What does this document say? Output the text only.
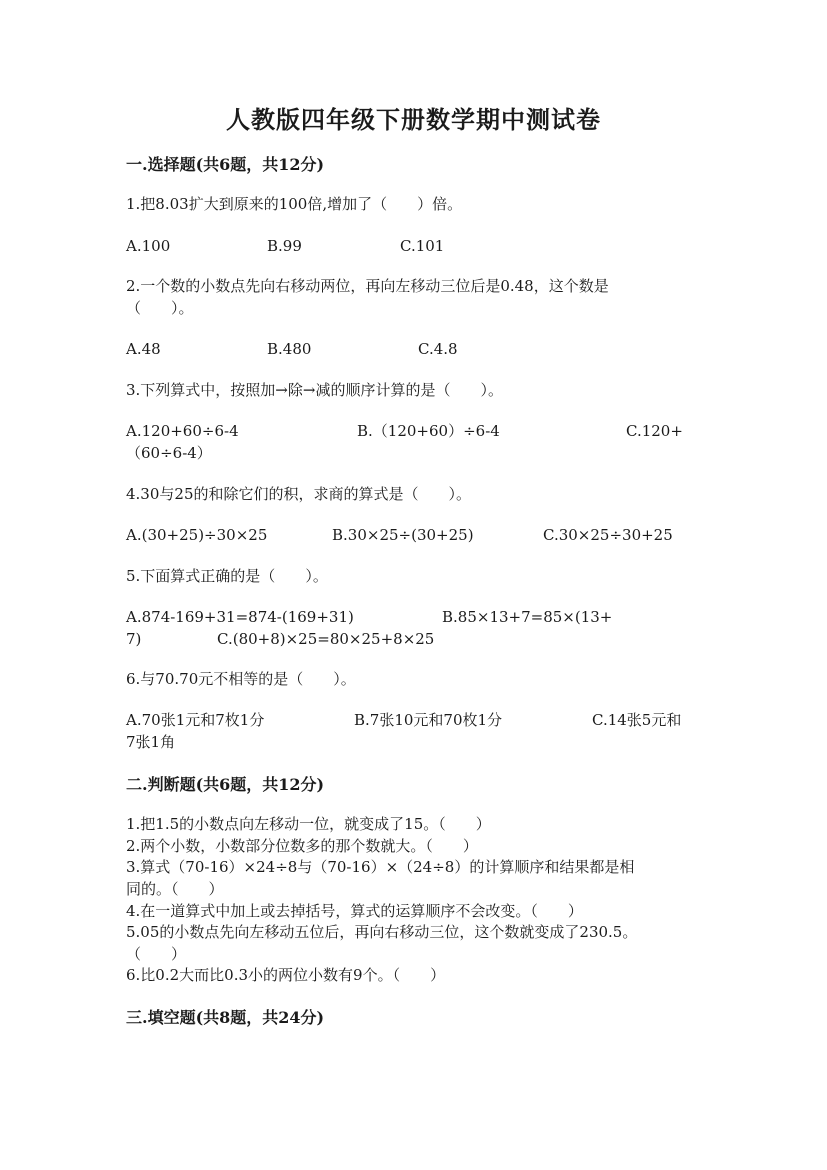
人教版四年级下册数学期中测试卷
一.选择题(共6题，共12分)
1.把8.03扩大到原来的100倍,增加了（　　）倍。
A.100	B.99	C.101
2.一个数的小数点先向右移动两位，再向左移动三位后是0.48，这个数是
（　　）。
A.48	B.480	C.4.8
3.下列算式中，按照加→除→减的顺序计算的是（　　）。
A.120+60÷6-4	B.（120+60）÷6-4	C.120+
（60÷6-4）
4.30与25的和除它们的积，求商的算式是（　　）。
A.(30+25)÷30×25	B.30×25÷(30+25)	C.30×25÷30+25
5.下面算式正确的是（　　）。
A.874-169+31=874-(169+31)	B.85×13+7=85×(13+
7)	C.(80+8)×25=80×25+8×25
6.与70.70元不相等的是（　　）。
A.70张1元和7枚1分	B.7张10元和70枚1分	C.14张5元和
7张1角
二.判断题(共6题，共12分)
1.把1.5的小数点向左移动一位，就变成了15。（　　）
2.两个小数，小数部分位数多的那个数就大。（　　）
3.算式（70-16）×24÷8与（70-16）×（24÷8）的计算顺序和结果都是相
同的。（　　）
4.在一道算式中加上或去掉括号，算式的运算顺序不会改变。（　　）
5.05的小数点先向左移动五位后，再向右移动三位，这个数就变成了230.5。
（　　）
6.比0.2大而比0.3小的两位小数有9个。（　　）
三.填空题(共8题，共24分)
